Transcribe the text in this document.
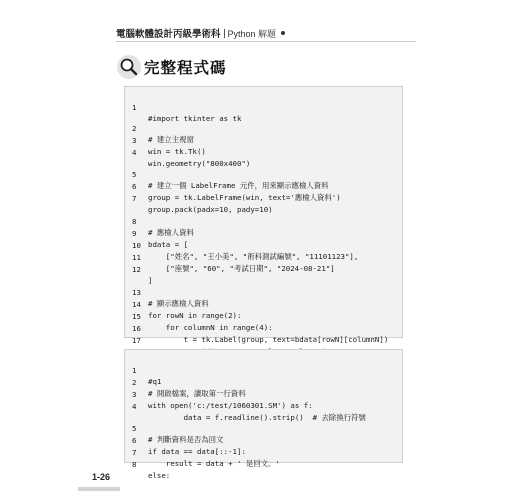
電腦軟體設計丙級學術科 Python 解題
完整程式碼

1

#import tkinter as tk

2

# 建立主視窗

3

win = tk.Tk()

4

win.geometry("800x400")

5

# 建立一個 LabelFrame 元件，用來顯示應檢人資料

6

group = tk.LabelFrame(win, text='應檢人資料')

7

group.pack(padx=10, pady=10)

8

# 應檢人資料

9

bdata = [

10

["姓名", "王小美", "術科測試編號", "11101123"],

11

["座號", "60", "考試日期", "2024-08-21"]

12

]

13

# 顯示應檢人資料

14

for rowN in range(2):

15

for columnN in range(4):

16

t = tk.Label(group, text=bdata[rowN][columnN])

17

1

#q1

2

# 開啟檔案，讀取第一行資料

3

with open('c:/test/1060301.SM') as f:

4

data = f.readline().strip()  # 去除換行符號

5

# 判斷資料是否為回文

6

if data == data[::-1]:

7

result = data + ' 是回文。'

8

else:

1-26
